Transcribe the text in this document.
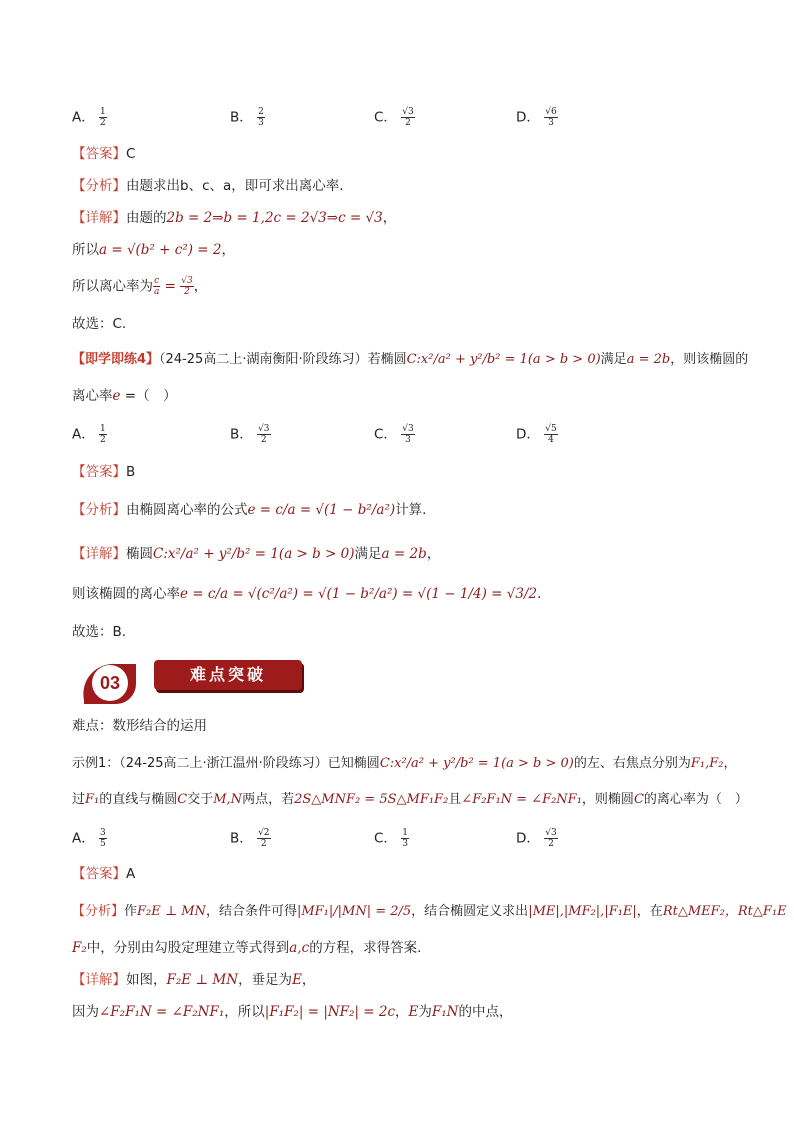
A． $\frac{1}{2}$	B． $\frac{2}{3}$	C． $\frac{√3}{2}$	D． $\frac{√6}{3}$
【答案】C
【分析】由题求出b、c、a，即可求出离心率.
【详解】由题的2b = 2⇒b = 1,2c = 2√3⇒c = √3，
所以a = √(b² + c²) = 2，
所以离心率为 $\frac{c}{a} = \frac{√3}{2}$ ，
故选：C.
【即学即练4】（24-25高二上·湖南衡阳·阶段练习）若椭圆C:x²/a² + y²/b² = 1(a > b > 0)满足a = 2b，则该椭圆的
离心率e =（　）
A． $\frac{1}{2}$	B． $\frac{√3}{2}$	C． $\frac{√3}{3}$	D． $\frac{√5}{4}$
【答案】B
【分析】由椭圆离心率的公式e = c/a = √(1 − b²/a²)计算.
【详解】椭圆C:x²/a² + y²/b² = 1(a > b > 0)满足a = 2b，
则该椭圆的离心率e = c/a = √(c²/a²) = √(1 − b²/a²) = √(1 − 1/4) = √3/2.
故选：B.
03	难点突破
难点：数形结合的运用
示例1：（24-25高二上·浙江温州·阶段练习）已知椭圆C:x²/a² + y²/b² = 1(a > b > 0)的左、右焦点分别为F₁,F₂，
过F₁的直线与椭圆C交于M,N两点，若2S△MNF₂ = 5S△MF₁F₂且∠F₂F₁N = ∠F₂NF₁，则椭圆C的离心率为（　）
A． $\frac{3}{5}$	B． $\frac{√2}{2}$	C． $\frac{1}{3}$	D． $\frac{√3}{2}$
【答案】A
【分析】作F₂E ⊥ MN，结合条件可得|MF₁|/|MN| = 2/5，结合椭圆定义求出|ME|,|MF₂|,|F₁E|，在Rt△MEF₂，Rt△F₁E
F₂中，分别由勾股定理建立等式得到a,c的方程，求得答案.
【详解】如图，F₂E ⊥ MN，垂足为E，
因为∠F₂F₁N = ∠F₂NF₁，所以|F₁F₂| = |NF₂| = 2c，E为F₁N的中点，
